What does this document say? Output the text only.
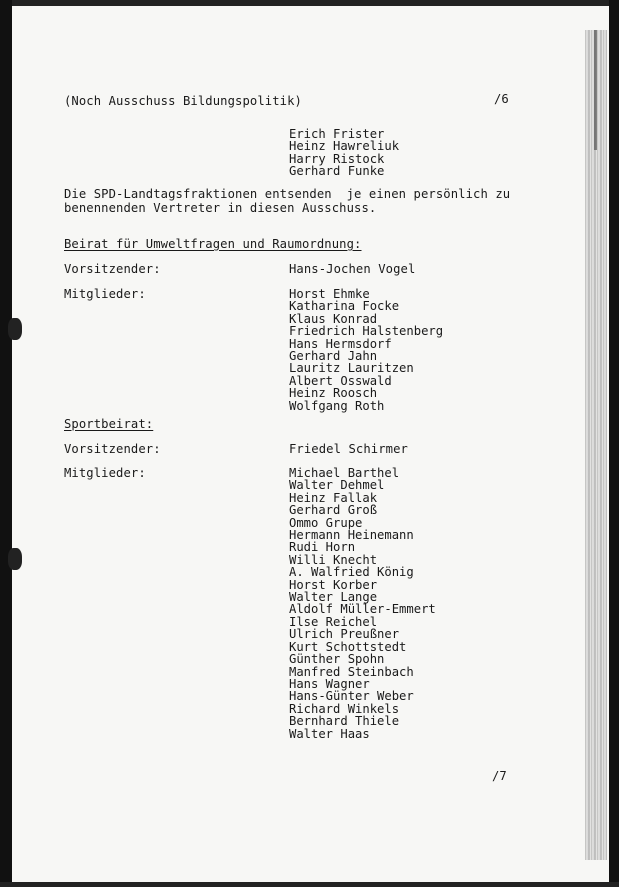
(Noch Ausschuss Bildungspolitik)	/6
Erich Frister
Heinz Hawreliuk
Harry Ristock
Gerhard Funke
Die SPD-Landtagsfraktionen entsenden  je einen persönlich zu
benennenden Vertreter in diesen Ausschuss.
Beirat für Umweltfragen und Raumordnung:
Vorsitzender:	Hans-Jochen Vogel
Mitglieder:	Horst Ehmke
Katharina Focke
Klaus Konrad
Friedrich Halstenberg
Hans Hermsdorf
Gerhard Jahn
Lauritz Lauritzen
Albert Osswald
Heinz Roosch
Wolfgang Roth
Sportbeirat:
Vorsitzender:	Friedel Schirmer
Mitglieder:	Michael Barthel
Walter Dehmel
Heinz Fallak
Gerhard Groß
Ommo Grupe
Hermann Heinemann
Rudi Horn
Willi Knecht
A. Walfried König
Horst Korber
Walter Lange
Aldolf Müller-Emmert
Ilse Reichel
Ulrich Preußner
Kurt Schottstedt
Günther Spohn
Manfred Steinbach
Hans Wagner
Hans-Günter Weber
Richard Winkels
Bernhard Thiele
Walter Haas
/7
